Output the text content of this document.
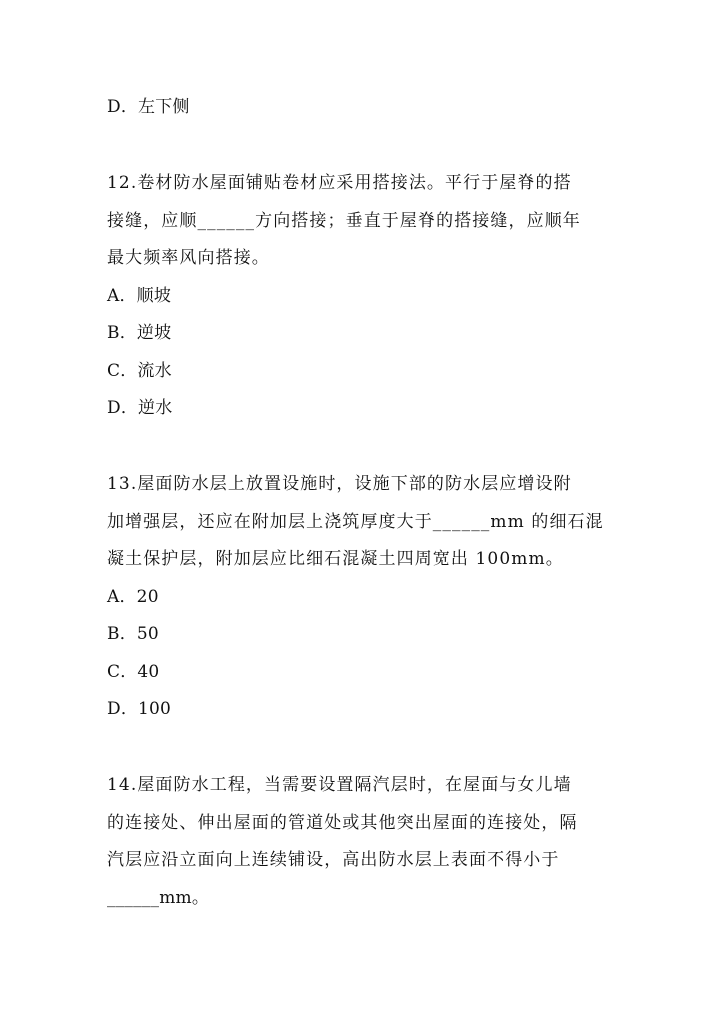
D．左下侧
12.卷材防水屋面铺贴卷材应采用搭接法。平行于屋脊的搭
接缝，应顺______方向搭接；垂直于屋脊的搭接缝，应顺年
最大频率风向搭接。
A．顺坡
B．逆坡
C．流水
D．逆水
13.屋面防水层上放置设施时，设施下部的防水层应增设附
加增强层，还应在附加层上浇筑厚度大于______mm 的细石混
凝土保护层，附加层应比细石混凝土四周宽出 100mm。
A．20
B．50
C．40
D．100
14.屋面防水工程，当需要设置隔汽层时，在屋面与女儿墙
的连接处、伸出屋面的管道处或其他突出屋面的连接处，隔
汽层应沿立面向上连续铺设，高出防水层上表面不得小于
______mm。
